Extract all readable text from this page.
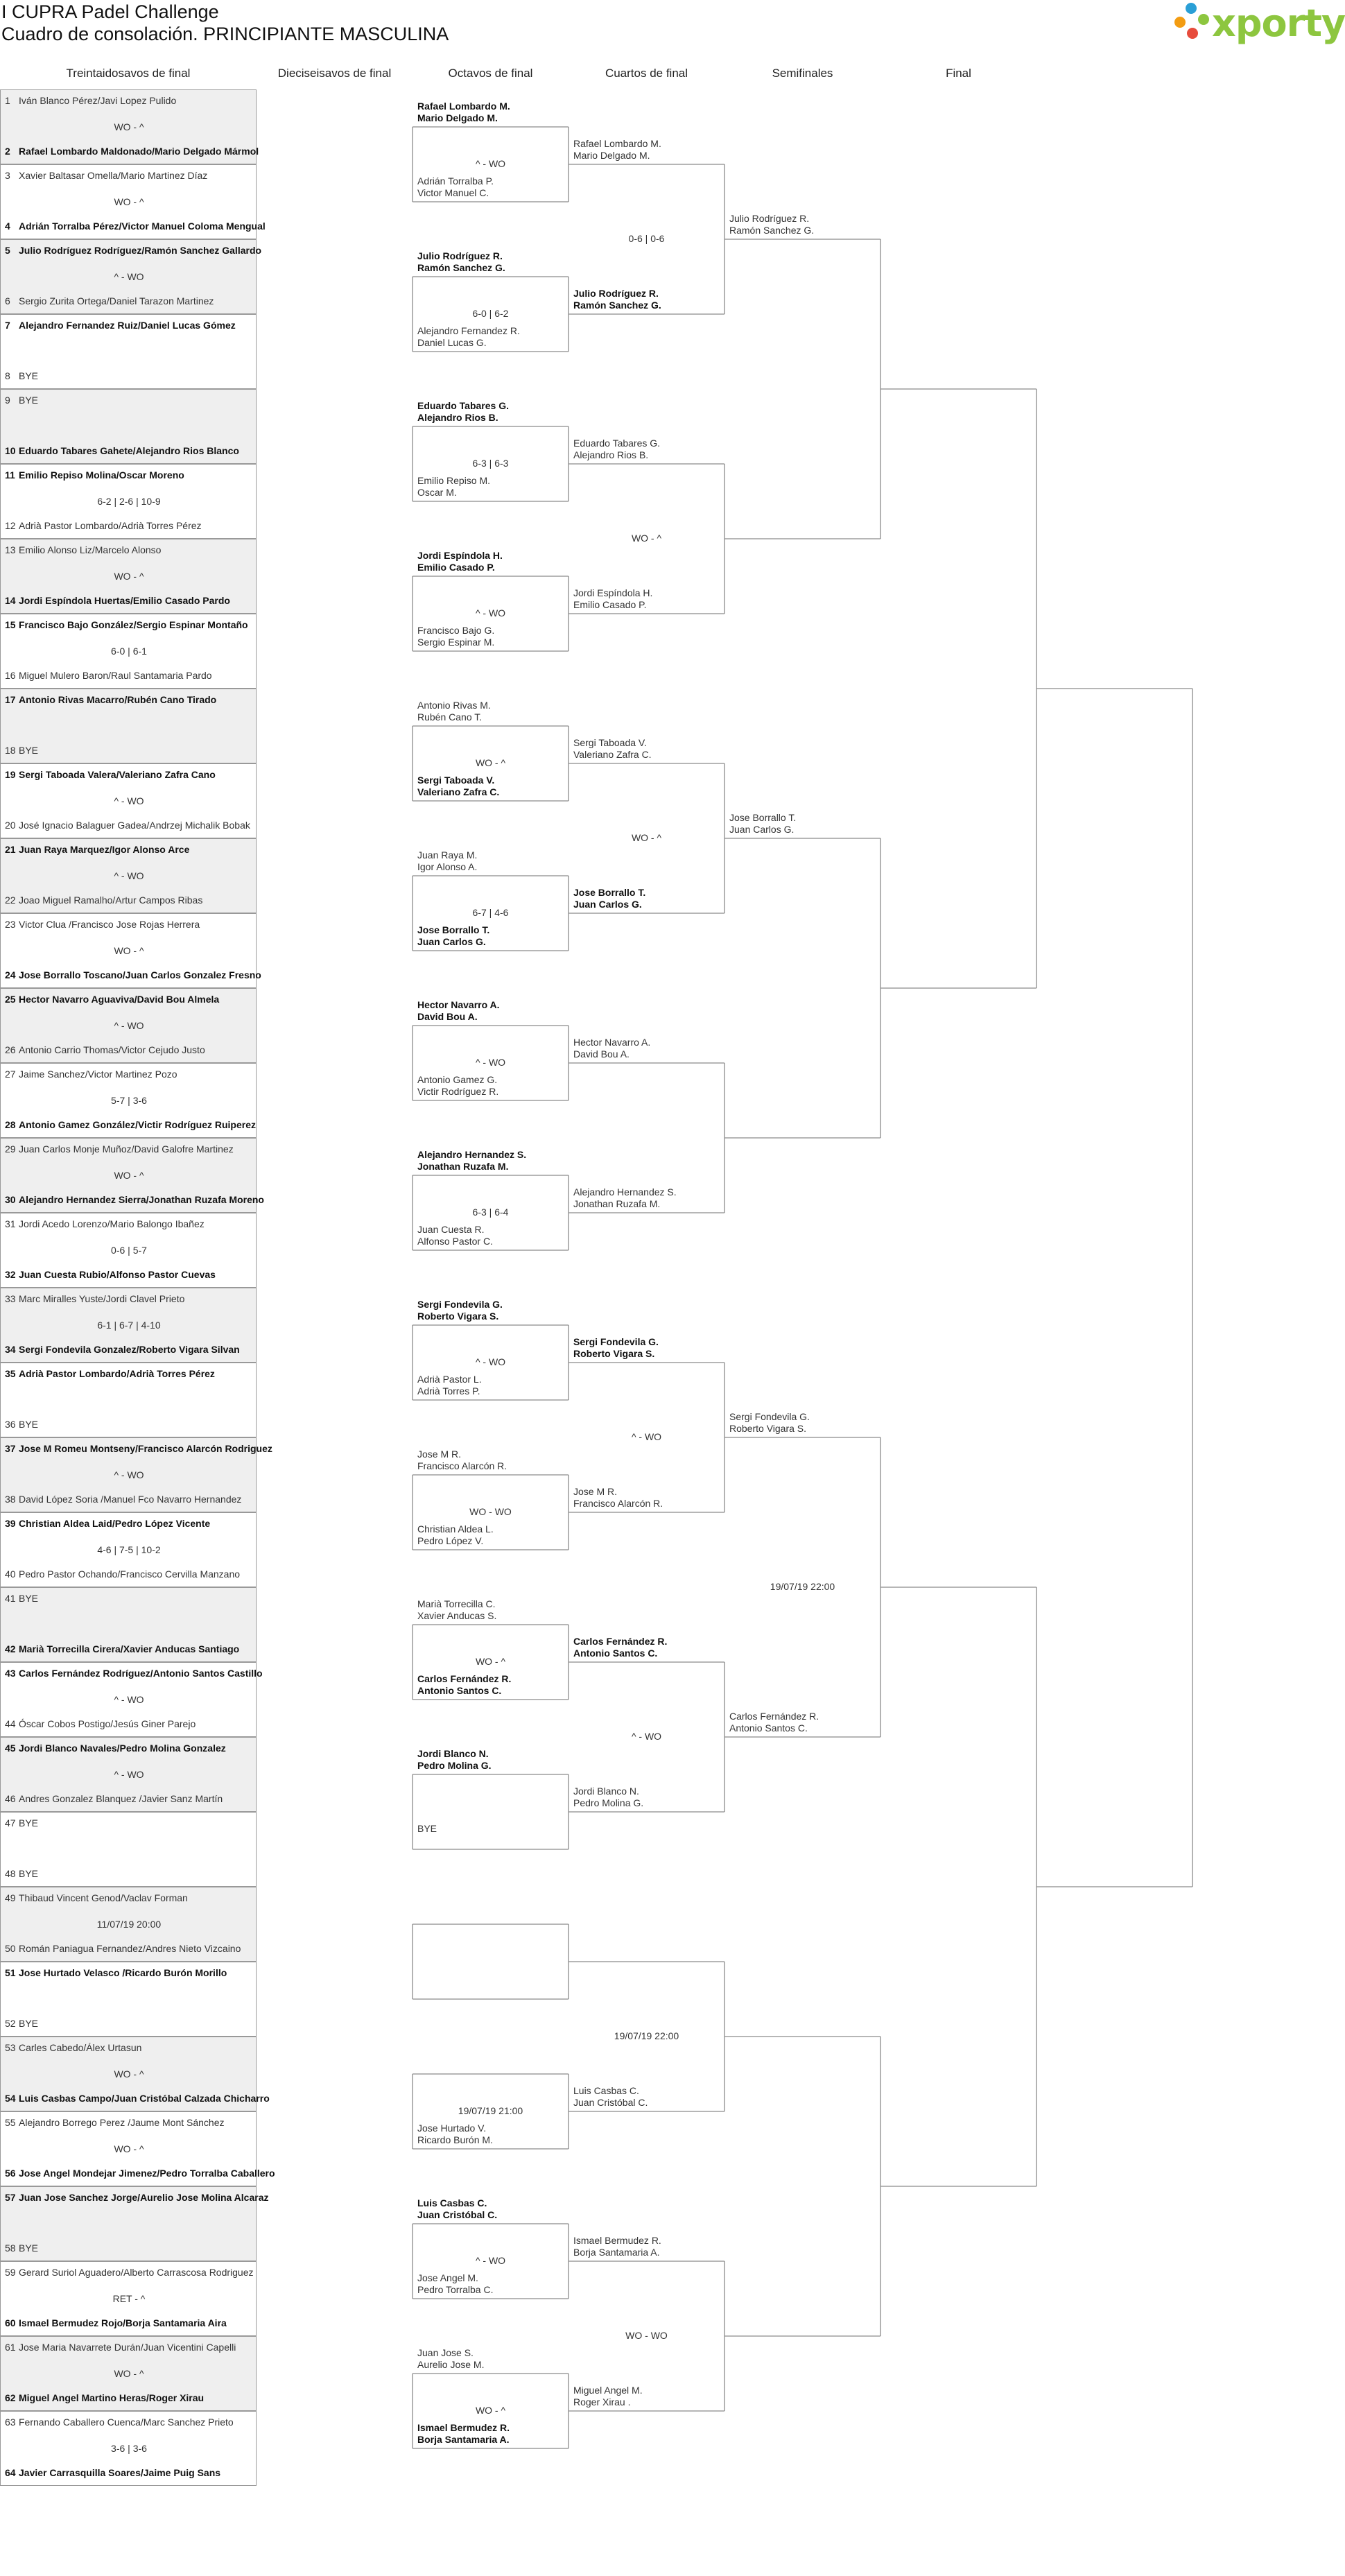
I CUPRA Padel Challenge
Cuadro de consolación. PRINCIPIANTE MASCULINA	xporty
Treintaidosavos de final	Dieciseisavos de final	Octavos de final	Cuartos de final	Semifinales	Final
1 Iván Blanco Pérez/Javi Lopez Pulido
WO - ^
2 Rafael Lombardo Maldonado/Mario Delgado Mármol
3 Xavier Baltasar Omella/Mario Martinez Díaz
WO - ^
4 Adrián Torralba Pérez/Victor Manuel Coloma Mengual
5 Julio Rodríguez Rodríguez/Ramón Sanchez Gallardo
^ - WO
6 Sergio Zurita Ortega/Daniel Tarazon Martinez
7 Alejandro Fernandez Ruiz/Daniel Lucas Gómez
8 BYE
9 BYE
10 Eduardo Tabares Gahete/Alejandro Rios Blanco
11 Emilio Repiso Molina/Oscar Moreno
6-2 | 2-6 | 10-9
12 Adrià Pastor Lombardo/Adrià Torres Pérez
13 Emilio Alonso Liz/Marcelo Alonso
WO - ^
14 Jordi Espíndola Huertas/Emilio Casado Pardo
15 Francisco Bajo González/Sergio Espinar Montaño
6-0 | 6-1
16 Miguel Mulero Baron/Raul Santamaria Pardo
17 Antonio Rivas Macarro/Rubén Cano Tirado
18 BYE
19 Sergi Taboada Valera/Valeriano Zafra Cano
^ - WO
20 José Ignacio Balaguer Gadea/Andrzej Michalik Bobak
21 Juan Raya Marquez/Igor Alonso Arce
^ - WO
22 Joao Miguel Ramalho/Artur Campos Ribas
23 Victor Clua /Francisco Jose Rojas Herrera
WO - ^
24 Jose Borrallo Toscano/Juan Carlos Gonzalez Fresno
25 Hector Navarro Aguaviva/David Bou Almela
^ - WO
26 Antonio Carrio Thomas/Victor Cejudo Justo
27 Jaime Sanchez/Victor Martinez Pozo
5-7 | 3-6
28 Antonio Gamez González/Victir Rodríguez Ruiperez
29 Juan Carlos Monje Muñoz/David Galofre Martinez
WO - ^
30 Alejandro Hernandez Sierra/Jonathan Ruzafa Moreno
31 Jordi Acedo Lorenzo/Mario Balongo Ibañez
0-6 | 5-7
32 Juan Cuesta Rubio/Alfonso Pastor Cuevas
33 Marc Miralles Yuste/Jordi Clavel Prieto
6-1 | 6-7 | 4-10
34 Sergi Fondevila Gonzalez/Roberto Vigara Silvan
35 Adrià Pastor Lombardo/Adrià Torres Pérez
36 BYE
37 Jose M Romeu Montseny/Francisco Alarcón Rodriguez
^ - WO
38 David López Soria /Manuel Fco Navarro Hernandez
39 Christian Aldea Laid/Pedro López Vicente
4-6 | 7-5 | 10-2
40 Pedro Pastor Ochando/Francisco Cervilla Manzano
41 BYE
42 Marià Torrecilla Cirera/Xavier Anducas Santiago
43 Carlos Fernández Rodríguez/Antonio Santos Castillo
^ - WO
44 Óscar Cobos Postigo/Jesús Giner Parejo
45 Jordi Blanco Navales/Pedro Molina Gonzalez
^ - WO
46 Andres Gonzalez Blanquez /Javier Sanz Martín
47 BYE
48 BYE
49 Thibaud Vincent Genod/Vaclav Forman
11/07/19 20:00
50 Román Paniagua Fernandez/Andres Nieto Vizcaino
51 Jose Hurtado Velasco /Ricardo Burón Morillo
52 BYE
53 Carles Cabedo/Álex Urtasun
WO - ^
54 Luis Casbas Campo/Juan Cristóbal Calzada Chicharro
55 Alejandro Borrego Perez /Jaume Mont Sánchez
WO - ^
56 Jose Angel Mondejar Jimenez/Pedro Torralba Caballero
57 Juan Jose Sanchez Jorge/Aurelio Jose Molina Alcaraz
58 BYE
59 Gerard Suriol Aguadero/Alberto Carrascosa Rodriguez
RET - ^
60 Ismael Bermudez Rojo/Borja Santamaria Aira
61 Jose Maria Navarrete Durán/Juan Vicentini Capelli
WO - ^
62 Miguel Angel Martino Heras/Roger Xirau
63 Fernando Caballero Cuenca/Marc Sanchez Prieto
3-6 | 3-6
64 Javier Carrasquilla Soares/Jaime Puig Sans
Rafael Lombardo M.
Mario Delgado M.
^ - WO
Adrián Torralba P.
Victor Manuel C.
Julio Rodríguez R.
Ramón Sanchez G.
6-0 | 6-2
Alejandro Fernandez R.
Daniel Lucas G.
Eduardo Tabares G.
Alejandro Rios B.
6-3 | 6-3
Emilio Repiso M.
Oscar M.
Jordi Espíndola H.
Emilio Casado P.
^ - WO
Francisco Bajo G.
Sergio Espinar M.
Antonio Rivas M.
Rubén Cano T.
WO - ^
Sergi Taboada V.
Valeriano Zafra C.
Juan Raya M.
Igor Alonso A.
6-7 | 4-6
Jose Borrallo T.
Juan Carlos G.
Hector Navarro A.
David Bou A.
^ - WO
Antonio Gamez G.
Victir Rodríguez R.
Alejandro Hernandez S.
Jonathan Ruzafa M.
6-3 | 6-4
Juan Cuesta R.
Alfonso Pastor C.
Sergi Fondevila G.
Roberto Vigara S.
^ - WO
Adrià Pastor L.
Adrià Torres P.
Jose M R.
Francisco Alarcón R.
WO - WO
Christian Aldea L.
Pedro López V.
Marià Torrecilla C.
Xavier Anducas S.
WO - ^
Carlos Fernández R.
Antonio Santos C.
Jordi Blanco N.
Pedro Molina G.
BYE
19/07/19 21:00
Jose Hurtado V.
Ricardo Burón M.
Luis Casbas C.
Juan Cristóbal C.
^ - WO
Jose Angel M.
Pedro Torralba C.
Juan Jose S.
Aurelio Jose M.
WO - ^
Ismael Bermudez R.
Borja Santamaria A.
Rafael Lombardo M.
Mario Delgado M.
0-6 | 0-6
Julio Rodríguez R.
Ramón Sanchez G.
Eduardo Tabares G.
Alejandro Rios B.
WO - ^
Jordi Espíndola H.
Emilio Casado P.
Sergi Taboada V.
Valeriano Zafra C.
WO - ^
Jose Borrallo T.
Juan Carlos G.
Hector Navarro A.
David Bou A.
Alejandro Hernandez S.
Jonathan Ruzafa M.
Sergi Fondevila G.
Roberto Vigara S.
^ - WO
Jose M R.
Francisco Alarcón R.
Carlos Fernández R.
Antonio Santos C.
^ - WO
Jordi Blanco N.
Pedro Molina G.
19/07/19 22:00
Luis Casbas C.
Juan Cristóbal C.
Ismael Bermudez R.
Borja Santamaria A.
WO - WO
Miguel Angel M.
Roger Xirau .
Julio Rodríguez R.
Ramón Sanchez G.
Jose Borrallo T.
Juan Carlos G.
Sergi Fondevila G.
Roberto Vigara S.
19/07/19 22:00
Carlos Fernández R.
Antonio Santos C.
